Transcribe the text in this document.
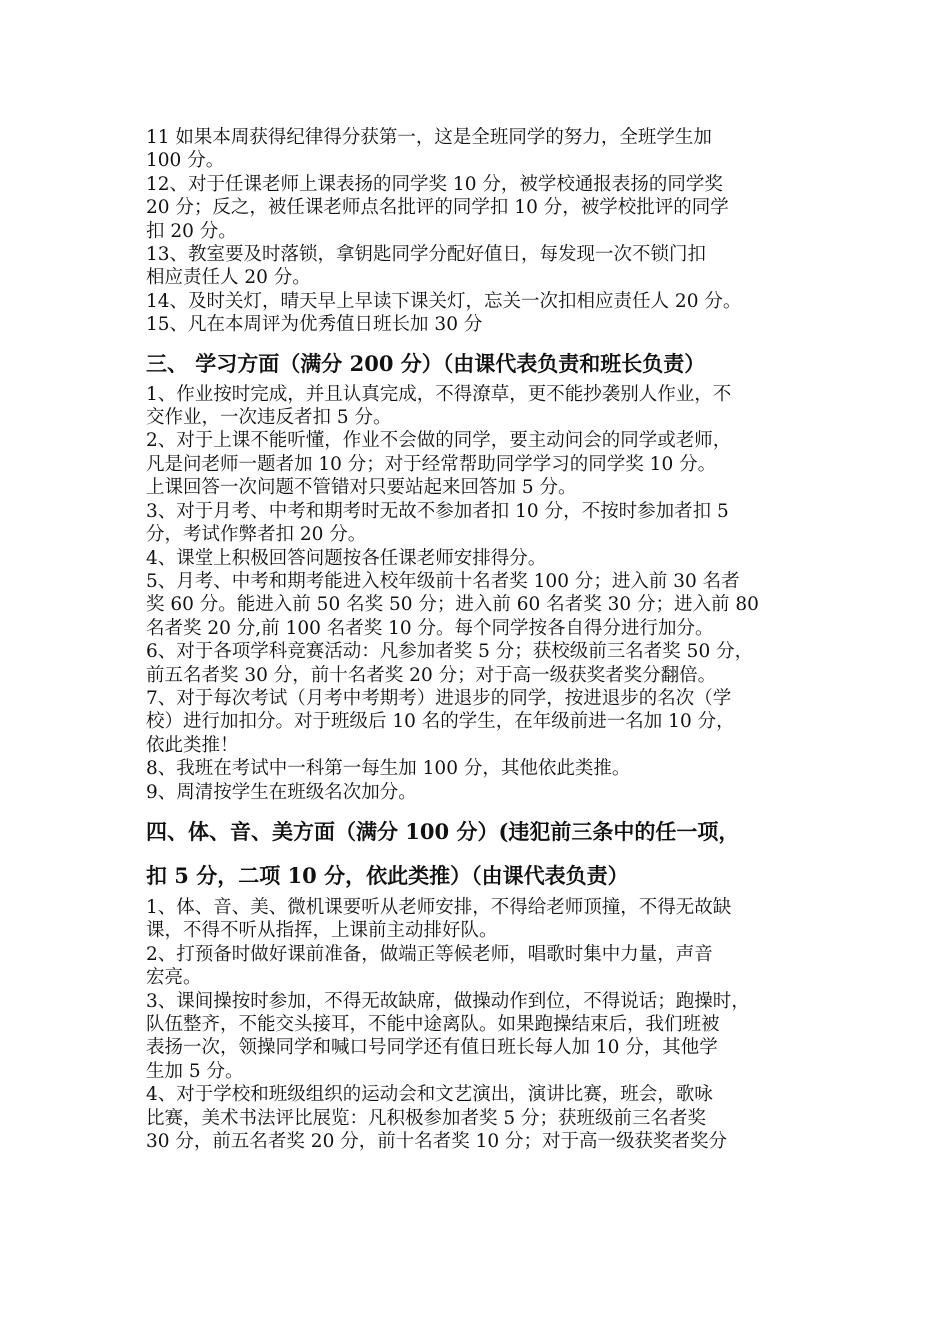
11 如果本周获得纪律得分获第一，这是全班同学的努力，全班学生加
100 分。
12、对于任课老师上课表扬的同学奖 10 分，被学校通报表扬的同学奖
20 分；反之，被任课老师点名批评的同学扣 10 分，被学校批评的同学
扣 20 分。
13、教室要及时落锁，拿钥匙同学分配好值日，每发现一次不锁门扣
相应责任人 20 分。
14、及时关灯，晴天早上早读下课关灯，忘关一次扣相应责任人 20 分。
15、凡在本周评为优秀值日班长加 30 分
三、 学习方面（满分 200 分）（由课代表负责和班长负责）
1、作业按时完成，并且认真完成，不得潦草，更不能抄袭别人作业，不
交作业，一次违反者扣 5 分。
2、对于上课不能听懂，作业不会做的同学，要主动问会的同学或老师，
凡是问老师一题者加 10 分；对于经常帮助同学学习的同学奖 10 分。
上课回答一次问题不管错对只要站起来回答加 5 分。
3、对于月考、中考和期考时无故不参加者扣 10 分，不按时参加者扣 5
分，考试作弊者扣 20 分。
4、课堂上积极回答问题按各任课老师安排得分。
5、月考、中考和期考能进入校年级前十名者奖 100 分；进入前 30 名者
奖 60 分。能进入前 50 名奖 50 分；进入前 60 名者奖 30 分；进入前 80
名者奖 20 分,前 100 名者奖 10 分。每个同学按各自得分进行加分。
6、对于各项学科竞赛活动：凡参加者奖 5 分；获校级前三名者奖 50 分，
前五名者奖 30 分，前十名者奖 20 分；对于高一级获奖者奖分翻倍。
7、对于每次考试（月考中考期考）进退步的同学，按进退步的名次（学
校）进行加扣分。对于班级后 10 名的学生，在年级前进一名加 10 分，
依此类推！
8、我班在考试中一科第一每生加 100 分，其他依此类推。
9、周清按学生在班级名次加分。
四、体、音、美方面（满分 100 分）(违犯前三条中的任一项，
扣 5 分，二项 10 分，依此类推）（由课代表负责）
1、体、音、美、微机课要听从老师安排，不得给老师顶撞，不得无故缺
课，不得不听从指挥，上课前主动排好队。
2、打预备时做好课前准备，做端正等候老师，唱歌时集中力量，声音
宏亮。
3、课间操按时参加，不得无故缺席，做操动作到位，不得说话；跑操时，
队伍整齐，不能交头接耳，不能中途离队。如果跑操结束后，我们班被
表扬一次，领操同学和喊口号同学还有值日班长每人加 10 分，其他学
生加 5 分。
4、对于学校和班级组织的运动会和文艺演出，演讲比赛，班会，歌咏
比赛，美术书法评比展览：凡积极参加者奖 5 分；获班级前三名者奖
30 分，前五名者奖 20 分，前十名者奖 10 分；对于高一级获奖者奖分
